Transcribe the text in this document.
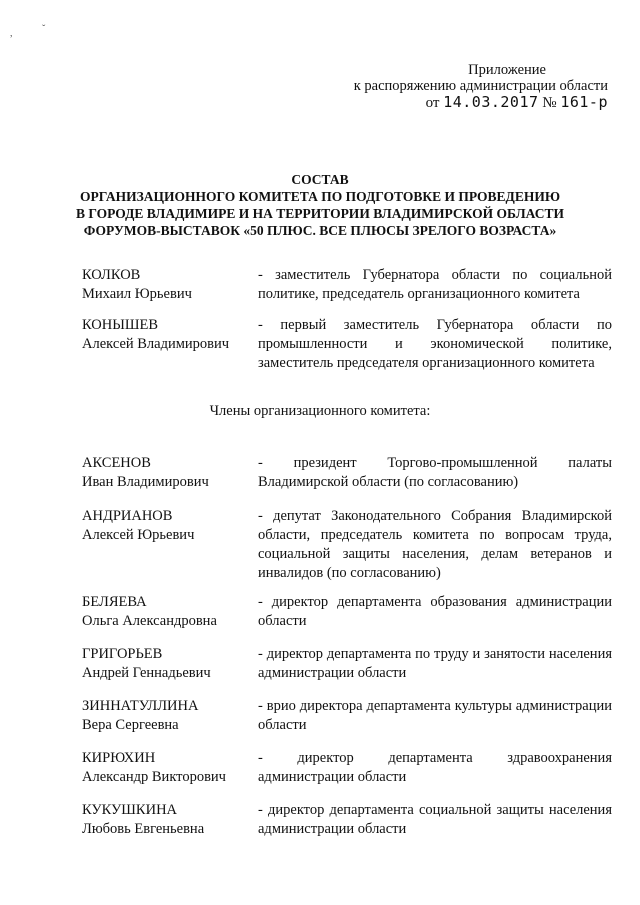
Приложение
к распоряжению администрации области
от 14.03.2017 № 161-р
СОСТАВ
ОРГАНИЗАЦИОННОГО КОМИТЕТА ПО ПОДГОТОВКЕ И ПРОВЕДЕНИЮ
В ГОРОДЕ ВЛАДИМИРЕ И НА ТЕРРИТОРИИ ВЛАДИМИРСКОЙ ОБЛАСТИ
ФОРУМОВ-ВЫСТАВОК «50 ПЛЮС. ВСЕ ПЛЮСЫ ЗРЕЛОГО ВОЗРАСТА»
КОЛКОВ
Михаил Юрьевич
- заместитель Губернатора области по социальной политике, председатель организационного комитета
КОНЫШЕВ
Алексей Владимирович
- первый заместитель Губернатора области по промышленности и экономической политике, заместитель председателя организационного комитета
Члены организационного комитета:
АКСЕНОВ
Иван Владимирович
- президент Торгово-промышленной палаты Владимирской области (по согласованию)
АНДРИАНОВ
Алексей Юрьевич
- депутат Законодательного Собрания Владимирской области, председатель комитета по вопросам труда, социальной защиты населения, делам ветеранов и инвалидов (по согласованию)
БЕЛЯЕВА
Ольга Александровна
- директор департамента образования администрации области
ГРИГОРЬЕВ
Андрей Геннадьевич
- директор департамента по труду и занятости населения администрации области
ЗИННАТУЛЛИНА
Вера Сергеевна
- врио директора департамента культуры администрации области
КИРЮХИН
Александр Викторович
- директор департамента здравоохранения администрации области
КУКУШКИНА
Любовь Евгеньевна
- директор департамента социальной защиты населения администрации области
,	ˇ
